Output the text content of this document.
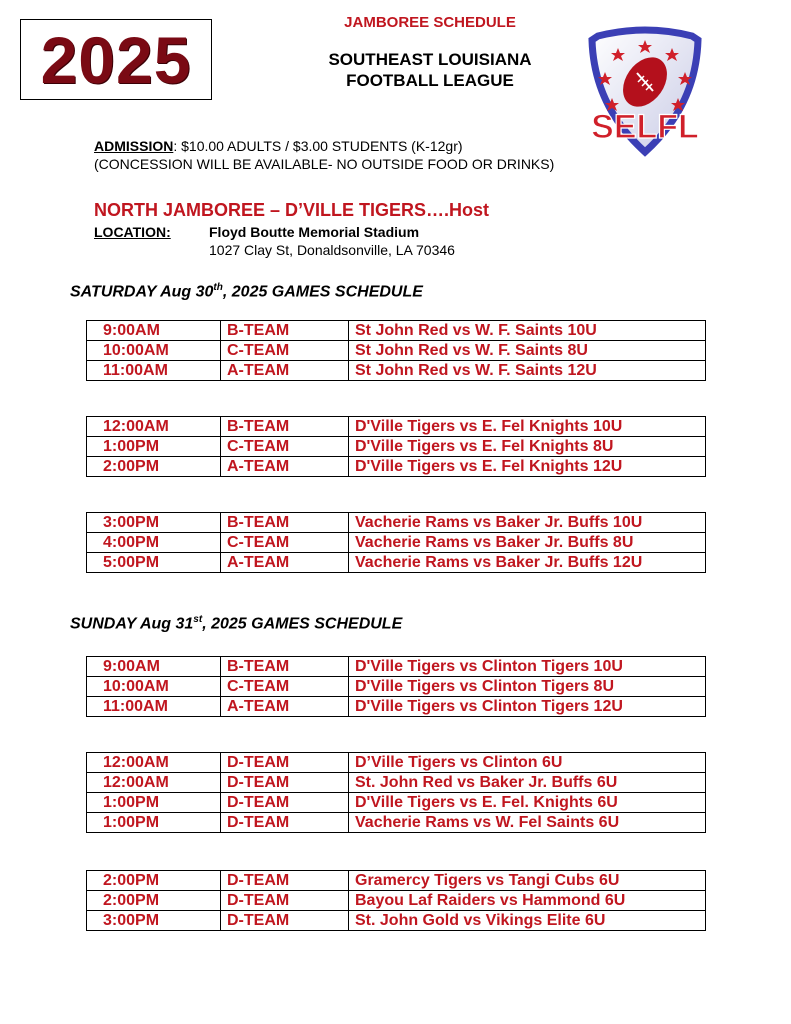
2025	JAMBOREE SCHEDULE
SOUTHEAST LOUISIANA
FOOTBALL LEAGUE
SELFL
ADMISSION: $10.00 ADULTS / $3.00 STUDENTS (K-12gr)
(CONCESSION WILL BE AVAILABLE- NO OUTSIDE FOOD OR DRINKS)
NORTH JAMBOREE – D’VILLE TIGERS….Host
LOCATION:	Floyd Boutte Memorial Stadium
1027 Clay St, Donaldsonville, LA 70346
SATURDAY Aug 30th, 2025 GAMES SCHEDULE
9:00AM	B-TEAM	St John Red vs W. F. Saints 10U
10:00AM	C-TEAM	St John Red vs W. F. Saints 8U
11:00AM	A-TEAM	St John Red vs W. F. Saints 12U
12:00AM	B-TEAM	D'Ville Tigers vs E. Fel Knights 10U
1:00PM	C-TEAM	D'Ville Tigers vs E. Fel Knights 8U
2:00PM	A-TEAM	D'Ville Tigers vs E. Fel Knights 12U
3:00PM	B-TEAM	Vacherie Rams vs Baker Jr. Buffs 10U
4:00PM	C-TEAM	Vacherie Rams vs Baker Jr. Buffs 8U
5:00PM	A-TEAM	Vacherie Rams vs Baker Jr. Buffs 12U
SUNDAY Aug 31st, 2025 GAMES SCHEDULE
9:00AM	B-TEAM	D'Ville Tigers vs Clinton Tigers 10U
10:00AM	C-TEAM	D'Ville Tigers vs Clinton Tigers 8U
11:00AM	A-TEAM	D'Ville Tigers vs Clinton Tigers 12U
12:00AM	D-TEAM	D’Ville Tigers vs Clinton 6U
12:00AM	D-TEAM	St. John Red vs Baker Jr. Buffs 6U
1:00PM	D-TEAM	D'Ville Tigers vs E. Fel. Knights 6U
1:00PM	D-TEAM	Vacherie Rams vs W. Fel Saints 6U
2:00PM	D-TEAM	Gramercy Tigers vs Tangi Cubs 6U
2:00PM	D-TEAM	Bayou Laf Raiders vs Hammond 6U
3:00PM	D-TEAM	St. John Gold vs Vikings Elite 6U
